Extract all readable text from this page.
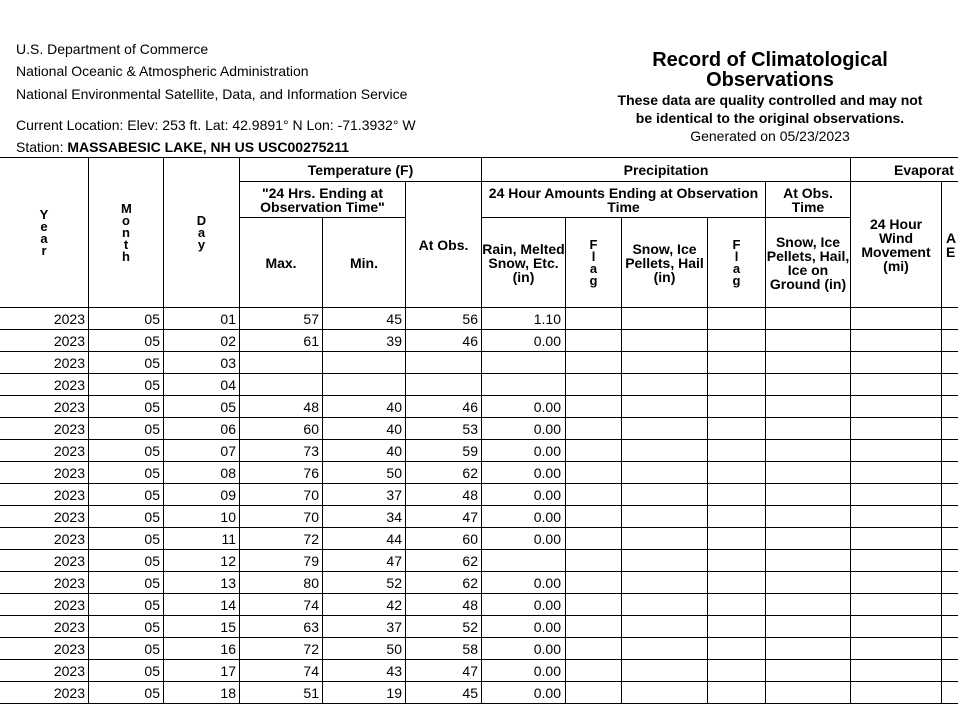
U.S. Department of Commerce
National Oceanic & Atmospheric Administration
National Environmental Satellite, Data, and Information Service
Current Location: Elev: 253 ft. Lat: 42.9891° N Lon: -71.3932° W
Station: MASSABESIC LAKE, NH US USC00275211
Record of Climatological
Observations
These data are quality controlled and may not
be identical to the original observations.
Generated on 05/23/2023
Year	Month	Day	Temperature (F)			Precipitation					Evaporat	
			"24 Hrs. Ending at Observation Time"		At Obs.	24 Hour Amounts Ending at Observation Time				At Obs. Time	24 Hour Wind Movement (mi)	A
E
			Max.	Min.		Rain, Melted Snow, Etc. (in)	Flag	Snow, Ice Pellets, Hail (in)	Flag	Snow, Ice Pellets, Hail, Ice on Ground (in)		

2023	05	01	57	45	56	1.10						
2023	05	02	61	39	46	0.00						
2023	05	03										
2023	05	04										
2023	05	05	48	40	46	0.00						
2023	05	06	60	40	53	0.00						
2023	05	07	73	40	59	0.00						
2023	05	08	76	50	62	0.00						
2023	05	09	70	37	48	0.00						
2023	05	10	70	34	47	0.00						
2023	05	11	72	44	60	0.00						
2023	05	12	79	47	62							
2023	05	13	80	52	62	0.00						
2023	05	14	74	42	48	0.00						
2023	05	15	63	37	52	0.00						
2023	05	16	72	50	58	0.00						
2023	05	17	74	43	47	0.00						
2023	05	18	51	19	45	0.00						
